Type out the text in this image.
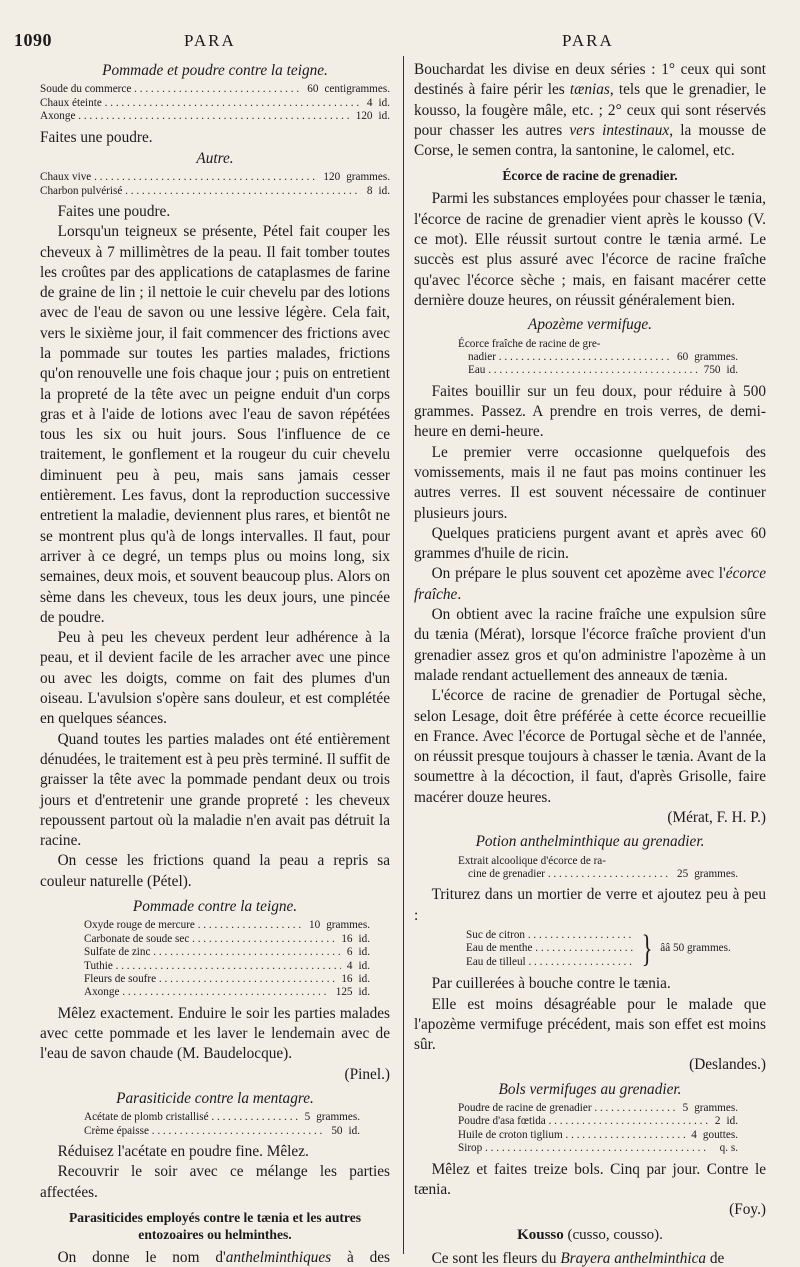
1090	PARA	PARA
Pommade et poudre contre la teigne.
Soude du commerce . . .	60 centigrammes.
Chaux éteinte . . .	4 id.
Axonge . . .	120 id.

Faites une poudre.

Autre.
Chaux vive . . .	120 grammes.
Charbon pulvérisé . . .	8 id.

Faites une poudre.

Lorsqu'un teigneux se présente, Pétel fait couper les cheveux à 7 millimètres de la peau. Il fait tomber toutes les croûtes par des applications de cataplasmes de farine de graine de lin ; il nettoie le cuir chevelu par des lotions avec de l'eau de savon ou une lessive légère. Cela fait, vers le sixième jour, il fait commencer des frictions avec la pommade sur toutes les parties malades, frictions qu'on renouvelle une fois chaque jour ; puis on entretient la propreté de la tête avec un peigne enduit d'un corps gras et à l'aide de lotions avec l'eau de savon répétées tous les six ou huit jours. Sous l'influence de ce traitement, le gonflement et la rougeur du cuir chevelu diminuent peu à peu, mais sans jamais cesser entièrement. Les favus, dont la reproduction successive entretient la maladie, deviennent plus rares, et bientôt ne se montrent plus qu'à de longs intervalles. Il faut, pour arriver à ce degré, un temps plus ou moins long, six semaines, deux mois, et souvent beaucoup plus. Alors on sème dans les cheveux, tous les deux jours, une pincée de poudre.

Peu à peu les cheveux perdent leur adhérence à la peau, et il devient facile de les arracher avec une pince ou avec les doigts, comme on fait des plumes d'un oiseau. L'avulsion s'opère sans douleur, et est complétée en quelques séances.

Quand toutes les parties malades ont été entièrement dénudées, le traitement est à peu près terminé. Il suffit de graisser la tête avec la pommade pendant deux ou trois jours et d'entretenir une grande propreté : les cheveux repoussent partout où la maladie n'en avait pas détruit la racine.

On cesse les frictions quand la peau a repris sa couleur naturelle (Pétel).

Pommade contre la teigne.
Oxyde rouge de mercure . . .	10 grammes.
Carbonate de soude sec . . .	16 id.
Sulfate de zinc . . .	6 id.
Tuthie . . .	4 id.
Fleurs de soufre . . .	16 id.
Axonge . . .	125 id.

Mêlez exactement. Enduire le soir les parties malades avec cette pommade et les laver le lendemain avec de l'eau de savon chaude (M. Baudelocque).

(Pinel.)

Parasiticide contre la mentagre.
Acétate de plomb cristallisé . . .	5 grammes.
Crème épaisse . . .	50 id.

Réduisez l'acétate en poudre fine. Mêlez.

Recouvrir le soir avec ce mélange les parties affectées.

Parasiticides employés contre le tænia et les autres entozoaires ou helminthes.

On donne le nom d'anthelminthiques à des

Bouchardat les divise en deux séries : 1° ceux qui sont destinés à faire périr les tænias, tels que le grenadier, le kousso, la fougère mâle, etc. ; 2° ceux qui sont réservés pour chasser les autres vers intestinaux, la mousse de Corse, le semen contra, la santonine, le calomel, etc.

Écorce de racine de grenadier.

Parmi les substances employées pour chasser le tænia, l'écorce de racine de grenadier vient après le kousso (V. ce mot). Elle réussit surtout contre le tænia armé. Le succès est plus assuré avec l'écorce de racine fraîche qu'avec l'écorce sèche ; mais, en faisant macérer cette dernière douze heures, on réussit généralement bien.

Apozème vermifuge.
Écorce fraîche de racine de gre-
nadier . . .	60 grammes.
Eau . . .	750 id.

Faites bouillir sur un feu doux, pour réduire à 500 grammes. Passez. A prendre en trois verres, de demi-heure en demi-heure.

Le premier verre occasionne quelquefois des vomissements, mais il ne faut pas moins continuer les autres verres. Il est souvent nécessaire de continuer plusieurs jours.

Quelques praticiens purgent avant et après avec 60 grammes d'huile de ricin.

On prépare le plus souvent cet apozème avec l'écorce fraîche.

On obtient avec la racine fraîche une expulsion sûre du tænia (Mérat), lorsque l'écorce fraîche provient d'un grenadier assez gros et qu'on administre l'apozème à un malade rendant actuellement des anneaux de tænia.

L'écorce de racine de grenadier de Portugal sèche, selon Lesage, doit être préférée à cette écorce recueillie en France. Avec l'écorce de Portugal sèche et de l'année, on réussit presque toujours à chasser le tænia. Avant de la soumettre à la décoction, il faut, d'après Grisolle, faire macérer douze heures.

(Mérat, F. H. P.)

Potion anthelminthique au grenadier.
Extrait alcoolique d'écorce de ra-
cine de grenadier . . .	25 grammes.

Triturez dans un mortier de verre et ajoutez peu à peu :

Suc de citron . . .
Eau de menthe . . .
Eau de tilleul . . .	} ââ 50 grammes.

Par cuillerées à bouche contre le tænia.

Elle est moins désagréable pour le malade que l'apozème vermifuge précédent, mais son effet est moins sûr.

(Deslandes.)

Bols vermifuges au grenadier.
Poudre de racine de grenadier . . .	5 grammes.
Poudre d'asa fœtida . . .	2 id.
Huile de croton tiglium . . .	4 gouttes.
Sirop . . .	q. s.

Mêlez et faites treize bols. Cinq par jour. Contre le tænia.

(Foy.)

Kousso (cusso, cousso).

Ce sont les fleurs du Brayera anthelminthica de
